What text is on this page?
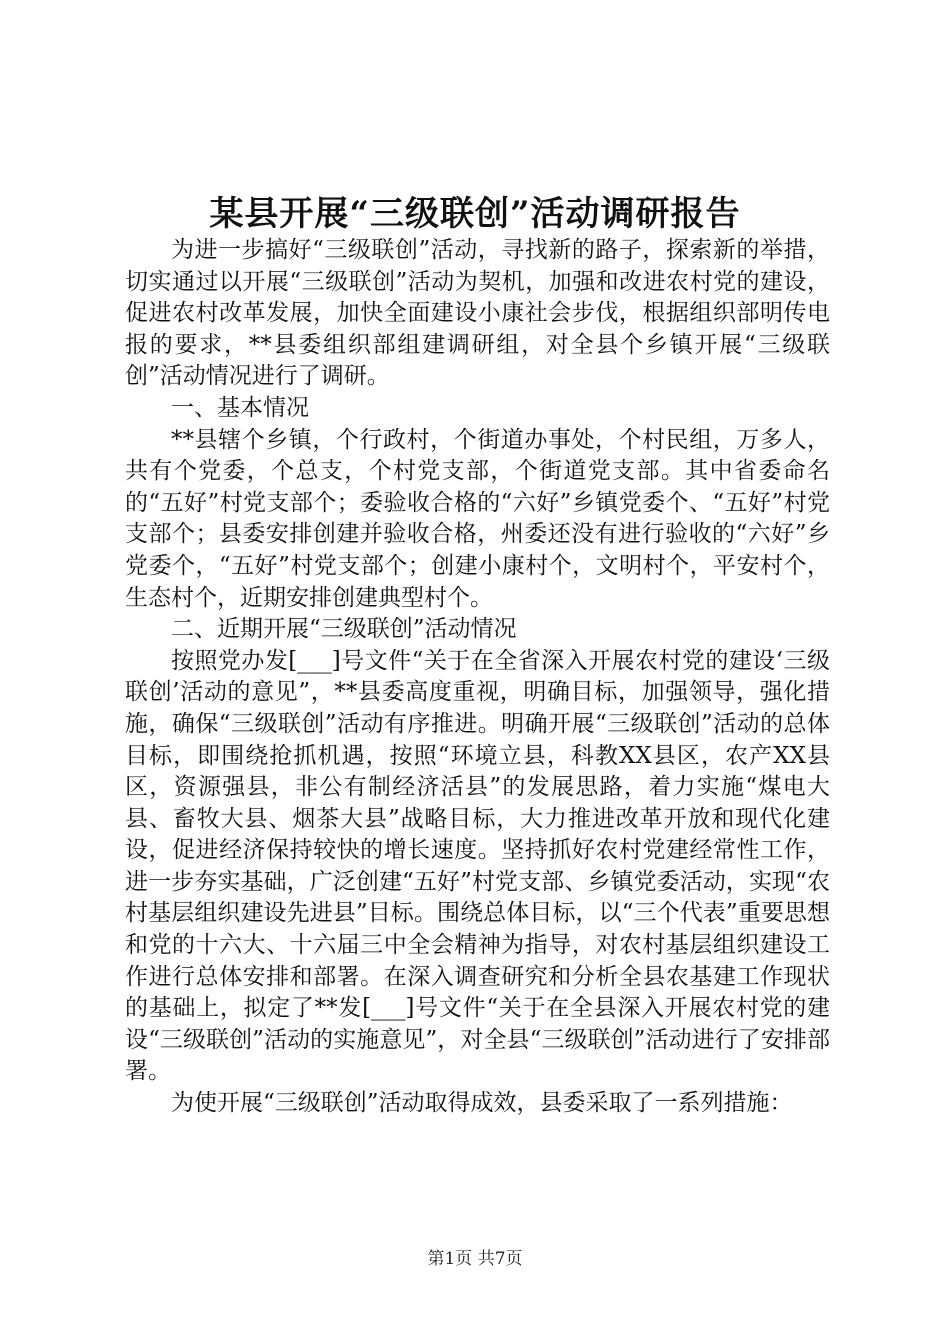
某县开展“三级联创”活动调研报告

为进一步搞好“三级联创”活动，寻找新的路子，探索新的举措，切实通过以开展“三级联创”活动为契机，加强和改进农村党的建设，促进农村改革发展，加快全面建设小康社会步伐，根据组织部明传电报的要求，**县委组织部组建调研组，对全县个乡镇开展“三级联创”活动情况进行了调研。

一、基本情况

**县辖个乡镇，个行政村，个街道办事处，个村民组，万多人，共有个党委，个总支，个村党支部，个街道党支部。其中省委命名的“五好”村党支部个；委验收合格的“六好”乡镇党委个、“五好”村党支部个；县委安排创建并验收合格，州委还没有进行验收的“六好”乡党委个，“五好”村党支部个；创建小康村个，文明村个，平安村个，生态村个，近期安排创建典型村个。

二、近期开展“三级联创”活动情况

按照党办发[___]号文件“关于在全省深入开展农村党的建设‘三级联创’活动的意见”，**县委高度重视，明确目标，加强领导，强化措施，确保“三级联创”活动有序推进。明确开展“三级联创”活动的总体目标，即围绕抢抓机遇，按照“环境立县，科教XX县区，农产XX县区，资源强县，非公有制经济活县”的发展思路，着力实施“煤电大县、畜牧大县、烟茶大县”战略目标，大力推进改革开放和现代化建设，促进经济保持较快的增长速度。坚持抓好农村党建经常性工作，进一步夯实基础，广泛创建“五好”村党支部、乡镇党委活动，实现“农村基层组织建设先进县”目标。围绕总体目标，以“三个代表”重要思想和党的十六大、十六届三中全会精神为指导，对农村基层组织建设工作进行总体安排和部署。在深入调查研究和分析全县农基建工作现状的基础上，拟定了**发[___]号文件“关于在全县深入开展农村党的建设“三级联创”活动的实施意见”，对全县“三级联创”活动进行了安排部署。

为使开展“三级联创”活动取得成效，县委采取了一系列措施：

第1页 共7页
